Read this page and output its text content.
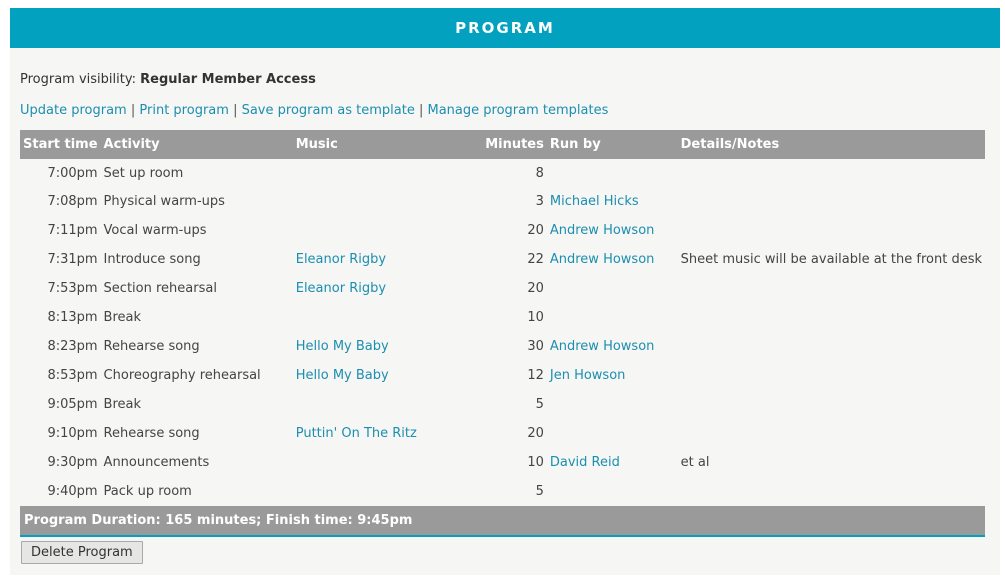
PROGRAM
Program visibility: Regular Member Access
Update program | Print program | Save program as template | Manage program templates
Start time	Activity	Music	Minutes	Run by	Details/Notes
7:00pm	Set up room		8		
7:08pm	Physical warm-ups		3	Michael Hicks	
7:11pm	Vocal warm-ups		20	Andrew Howson	
7:31pm	Introduce song	Eleanor Rigby	22	Andrew Howson	Sheet music will be available at the front desk
7:53pm	Section rehearsal	Eleanor Rigby	20		
8:13pm	Break		10		
8:23pm	Rehearse song	Hello My Baby	30	Andrew Howson	
8:53pm	Choreography rehearsal	Hello My Baby	12	Jen Howson	
9:05pm	Break		5		
9:10pm	Rehearse song	Puttin' On The Ritz	20		
9:30pm	Announcements		10	David Reid	et al
9:40pm	Pack up room		5		
Program Duration: 165 minutes; Finish time: 9:45pm					
Delete Program
